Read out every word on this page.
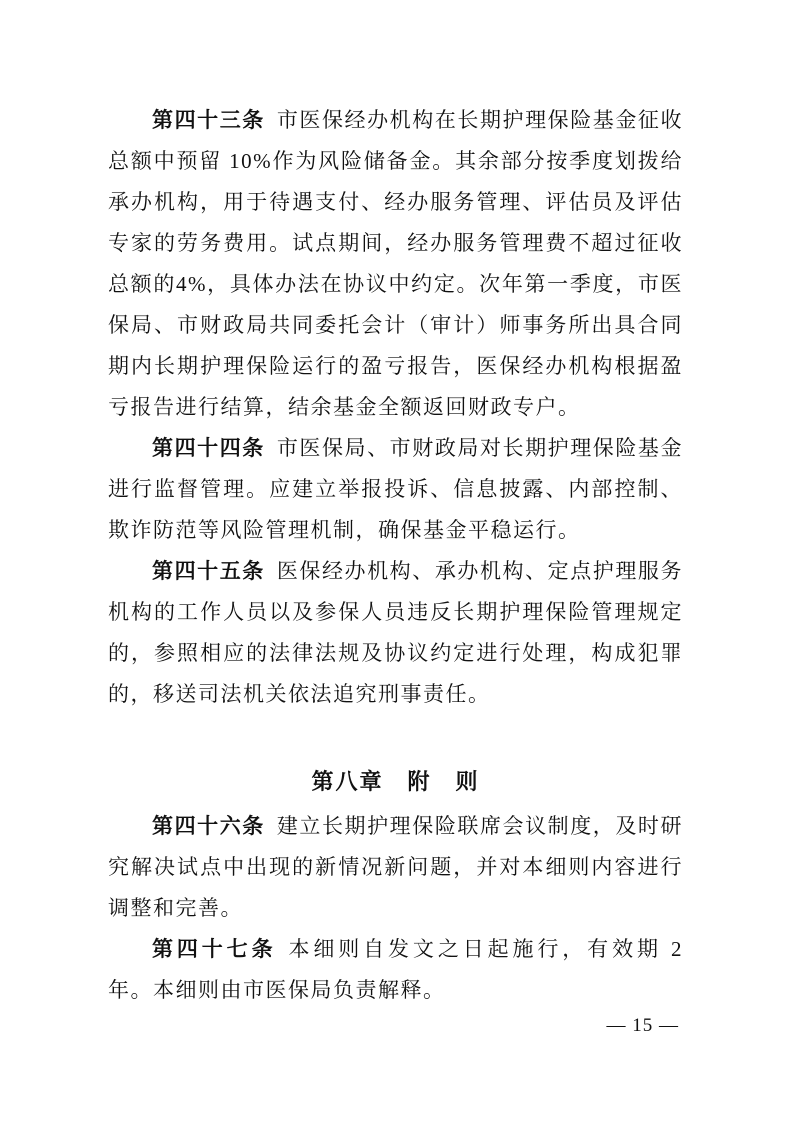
第四十三条 市医保经办机构在长期护理保险基金征收总额中预留 10%作为风险储备金。其余部分按季度划拨给承办机构，用于待遇支付、经办服务管理、评估员及评估专家的劳务费用。试点期间，经办服务管理费不超过征收总额的4%，具体办法在协议中约定。次年第一季度，市医保局、市财政局共同委托会计（审计）师事务所出具合同期内长期护理保险运行的盈亏报告，医保经办机构根据盈亏报告进行结算，结余基金全额返回财政专户。

第四十四条 市医保局、市财政局对长期护理保险基金进行监督管理。应建立举报投诉、信息披露、内部控制、欺诈防范等风险管理机制，确保基金平稳运行。

第四十五条 医保经办机构、承办机构、定点护理服务机构的工作人员以及参保人员违反长期护理保险管理规定的，参照相应的法律法规及协议约定进行处理，构成犯罪的，移送司法机关依法追究刑事责任。

第八章　附　则

第四十六条 建立长期护理保险联席会议制度，及时研究解决试点中出现的新情况新问题，并对本细则内容进行调整和完善。

第四十七条 本细则自发文之日起施行，有效期 2 年。本细则由市医保局负责解释。

— 15 —
